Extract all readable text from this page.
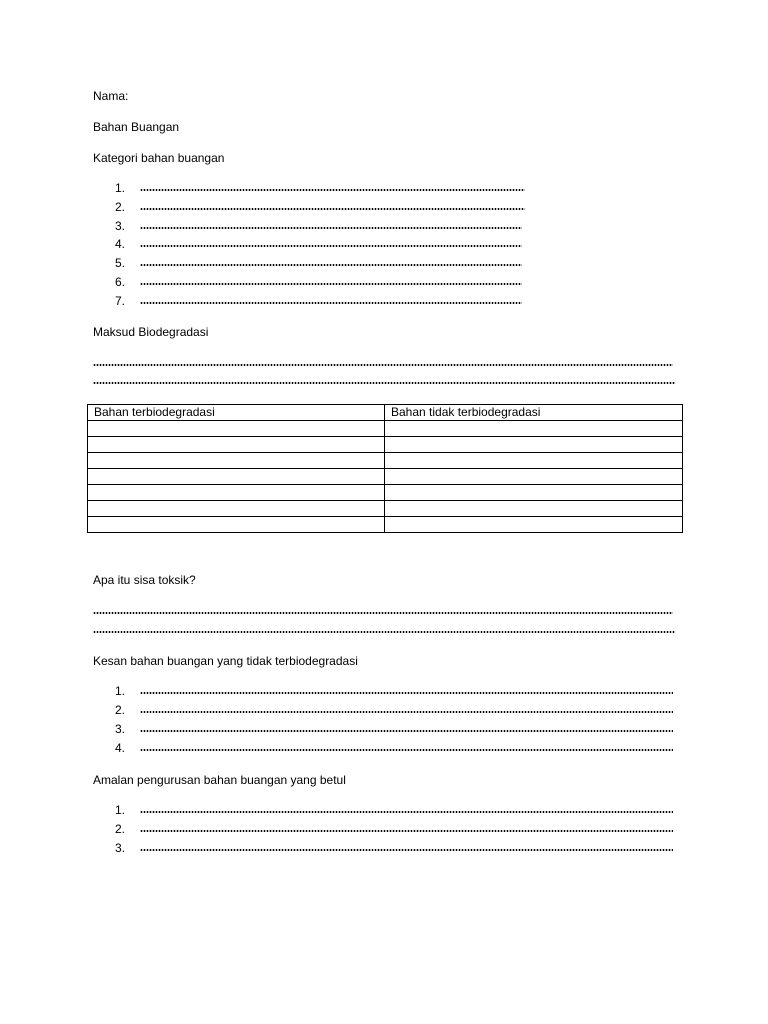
Nama:
Bahan Buangan
Kategori bahan buangan
1.
2.
3.
4.
5.
6.
7.
Maksud Biodegradasi
Bahan terbiodegradasi	Bahan tidak terbiodegradasi

Apa itu sisa toksik?
Kesan bahan buangan yang tidak terbiodegradasi
1.
2.
3.
4.
Amalan pengurusan bahan buangan yang betul
1.
2.
3.
